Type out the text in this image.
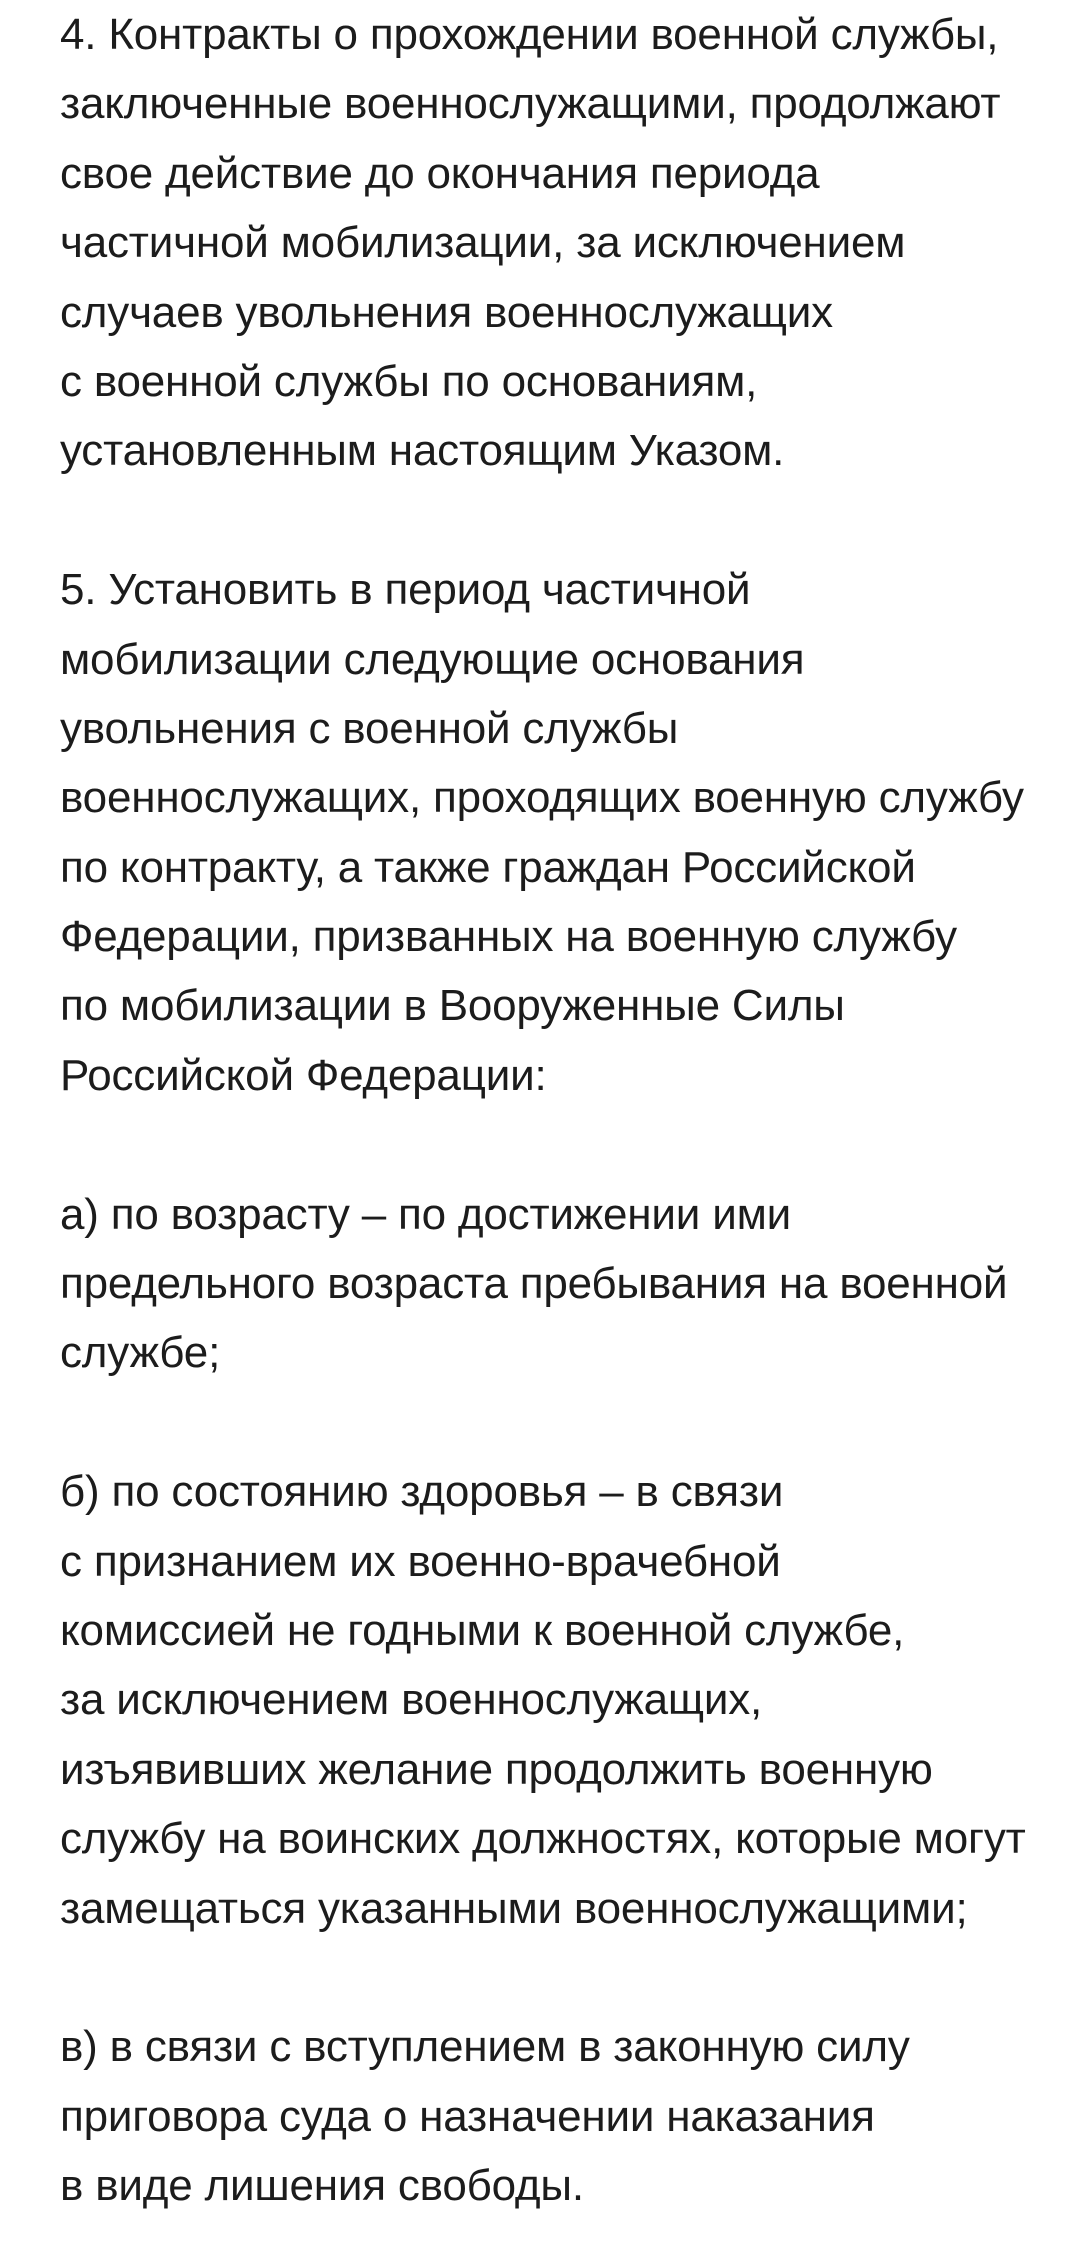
4. Контракты о прохождении военной службы,
заключенные военнослужащими, продолжают
свое действие до окончания периода
частичной мобилизации, за исключением
случаев увольнения военнослужащих
с военной службы по основаниям,
установленным настоящим Указом.
5. Установить в период частичной
мобилизации следующие основания
увольнения с военной службы
военнослужащих, проходящих военную службу
по контракту, а также граждан Российской
Федерации, призванных на военную службу
по мобилизации в Вооруженные Силы
Российской Федерации:
а) по возрасту – по достижении ими
предельного возраста пребывания на военной
службе;
б) по состоянию здоровья – в связи
с признанием их военно-врачебной
комиссией не годными к военной службе,
за исключением военнослужащих,
изъявивших желание продолжить военную
службу на воинских должностях, которые могут
замещаться указанными военнослужащими;
в) в связи с вступлением в законную силу
приговора суда о назначении наказания
в виде лишения свободы.
